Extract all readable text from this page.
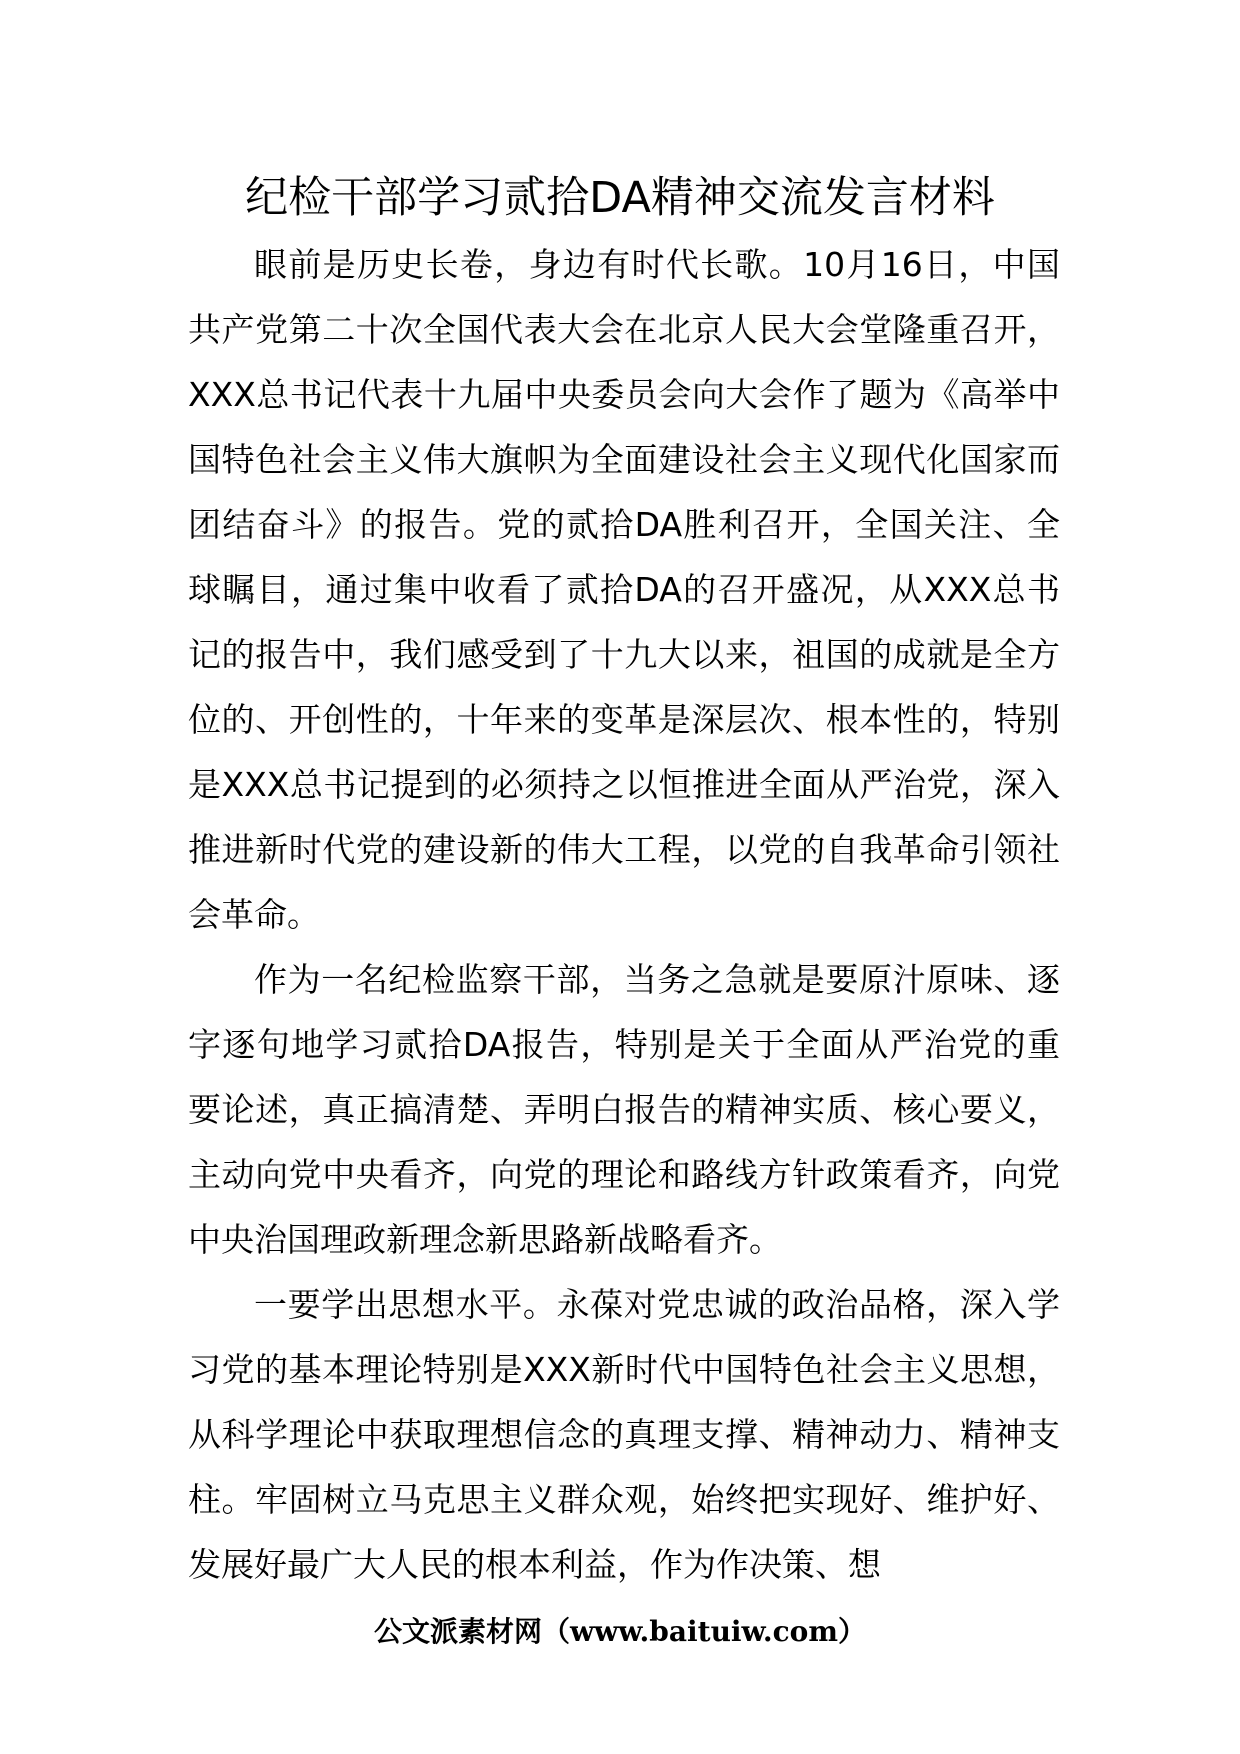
纪检干部学习贰拾DA精神交流发言材料

眼前是历史长卷，身边有时代长歌。10月16日，中国共产党第二十次全国代表大会在北京人民大会堂隆重召开，XXX总书记代表十九届中央委员会向大会作了题为《高举中国特色社会主义伟大旗帜为全面建设社会主义现代化国家而团结奋斗》的报告。党的贰拾DA胜利召开，全国关注、全球瞩目，通过集中收看了贰拾DA的召开盛况，从XXX总书记的报告中，我们感受到了十九大以来，祖国的成就是全方位的、开创性的，十年来的变革是深层次、根本性的，特别是XXX总书记提到的必须持之以恒推进全面从严治党，深入推进新时代党的建设新的伟大工程，以党的自我革命引领社会革命。

作为一名纪检监察干部，当务之急就是要原汁原味、逐字逐句地学习贰拾DA报告，特别是关于全面从严治党的重要论述，真正搞清楚、弄明白报告的精神实质、核心要义，主动向党中央看齐，向党的理论和路线方针政策看齐，向党中央治国理政新理念新思路新战略看齐。

一要学出思想水平。永葆对党忠诚的政治品格，深入学习党的基本理论特别是XXX新时代中国特色社会主义思想，从科学理论中获取理想信念的真理支撑、精神动力、精神支柱。牢固树立马克思主义群众观，始终把实现好、维护好、发展好最广大人民的根本利益，作为作决策、想

公文派素材网（www.baituiw.com）
